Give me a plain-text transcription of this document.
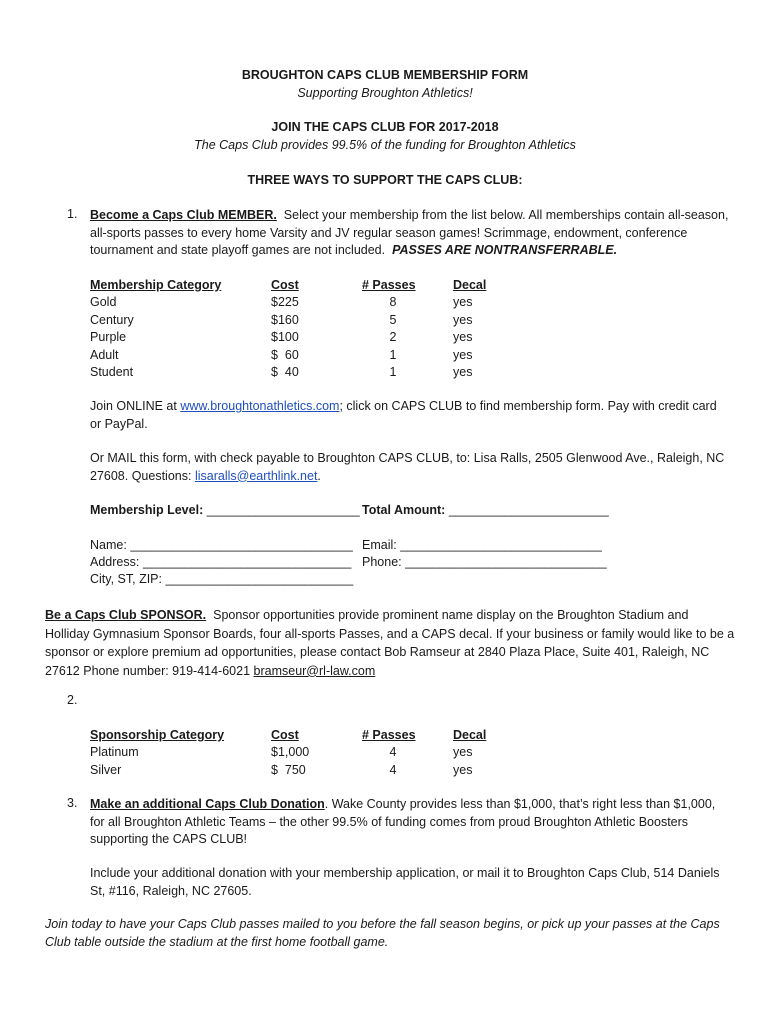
BROUGHTON CAPS CLUB MEMBERSHIP FORM
Supporting Broughton Athletics!
JOIN THE CAPS CLUB FOR 2017-2018
The Caps Club provides 99.5% of the funding for Broughton Athletics
THREE WAYS TO SUPPORT THE CAPS CLUB:
1. Become a Caps Club MEMBER. Select your membership from the list below. All memberships contain all-season, all-sports passes to every home Varsity and JV regular season games! Scrimmage, endowment, conference tournament and state playoff games are not included. PASSES ARE NONTRANSFERRABLE.
Membership Category	Cost	# Passes	Decal
Gold	$225	8	yes
Century	$160	5	yes
Purple	$100	2	yes
Adult	$  60	1	yes
Student	$  40	1	yes
Join ONLINE at www.broughtonathletics.com; click on CAPS CLUB to find membership form. Pay with credit card or PayPal.
Or MAIL this form, with check payable to Broughton CAPS CLUB, to: Lisa Ralls, 2505 Glenwood Ave., Raleigh, NC 27608. Questions: lisaralls@earthlink.net.
Membership Level: ______________________ Total Amount: _______________________
Name: ________________________________ Email: _____________________________
Address: ______________________________ Phone: _____________________________
City, ST, ZIP: ___________________________
Be a Caps Club SPONSOR. Sponsor opportunities provide prominent name display on the Broughton Stadium and Holliday Gymnasium Sponsor Boards, four all-sports Passes, and a CAPS decal. If your business or family would like to be a sponsor or explore premium ad opportunities, please contact Bob Ramseur at 2840 Plaza Place, Suite 401, Raleigh, NC 27612 Phone number: 919-414-6021 bramseur@rl-law.com
2.
Sponsorship Category	Cost	# Passes	Decal
Platinum	$1,000	4	yes
Silver	$  750	4	yes
3. Make an additional Caps Club Donation. Wake County provides less than $1,000, that’s right less than $1,000, for all Broughton Athletic Teams – the other 99.5% of funding comes from proud Broughton Athletic Boosters supporting the CAPS CLUB!
Include your additional donation with your membership application, or mail it to Broughton Caps Club, 514 Daniels St, #116, Raleigh, NC 27605.
Join today to have your Caps Club passes mailed to you before the fall season begins, or pick up your passes at the Caps Club table outside the stadium at the first home football game.
